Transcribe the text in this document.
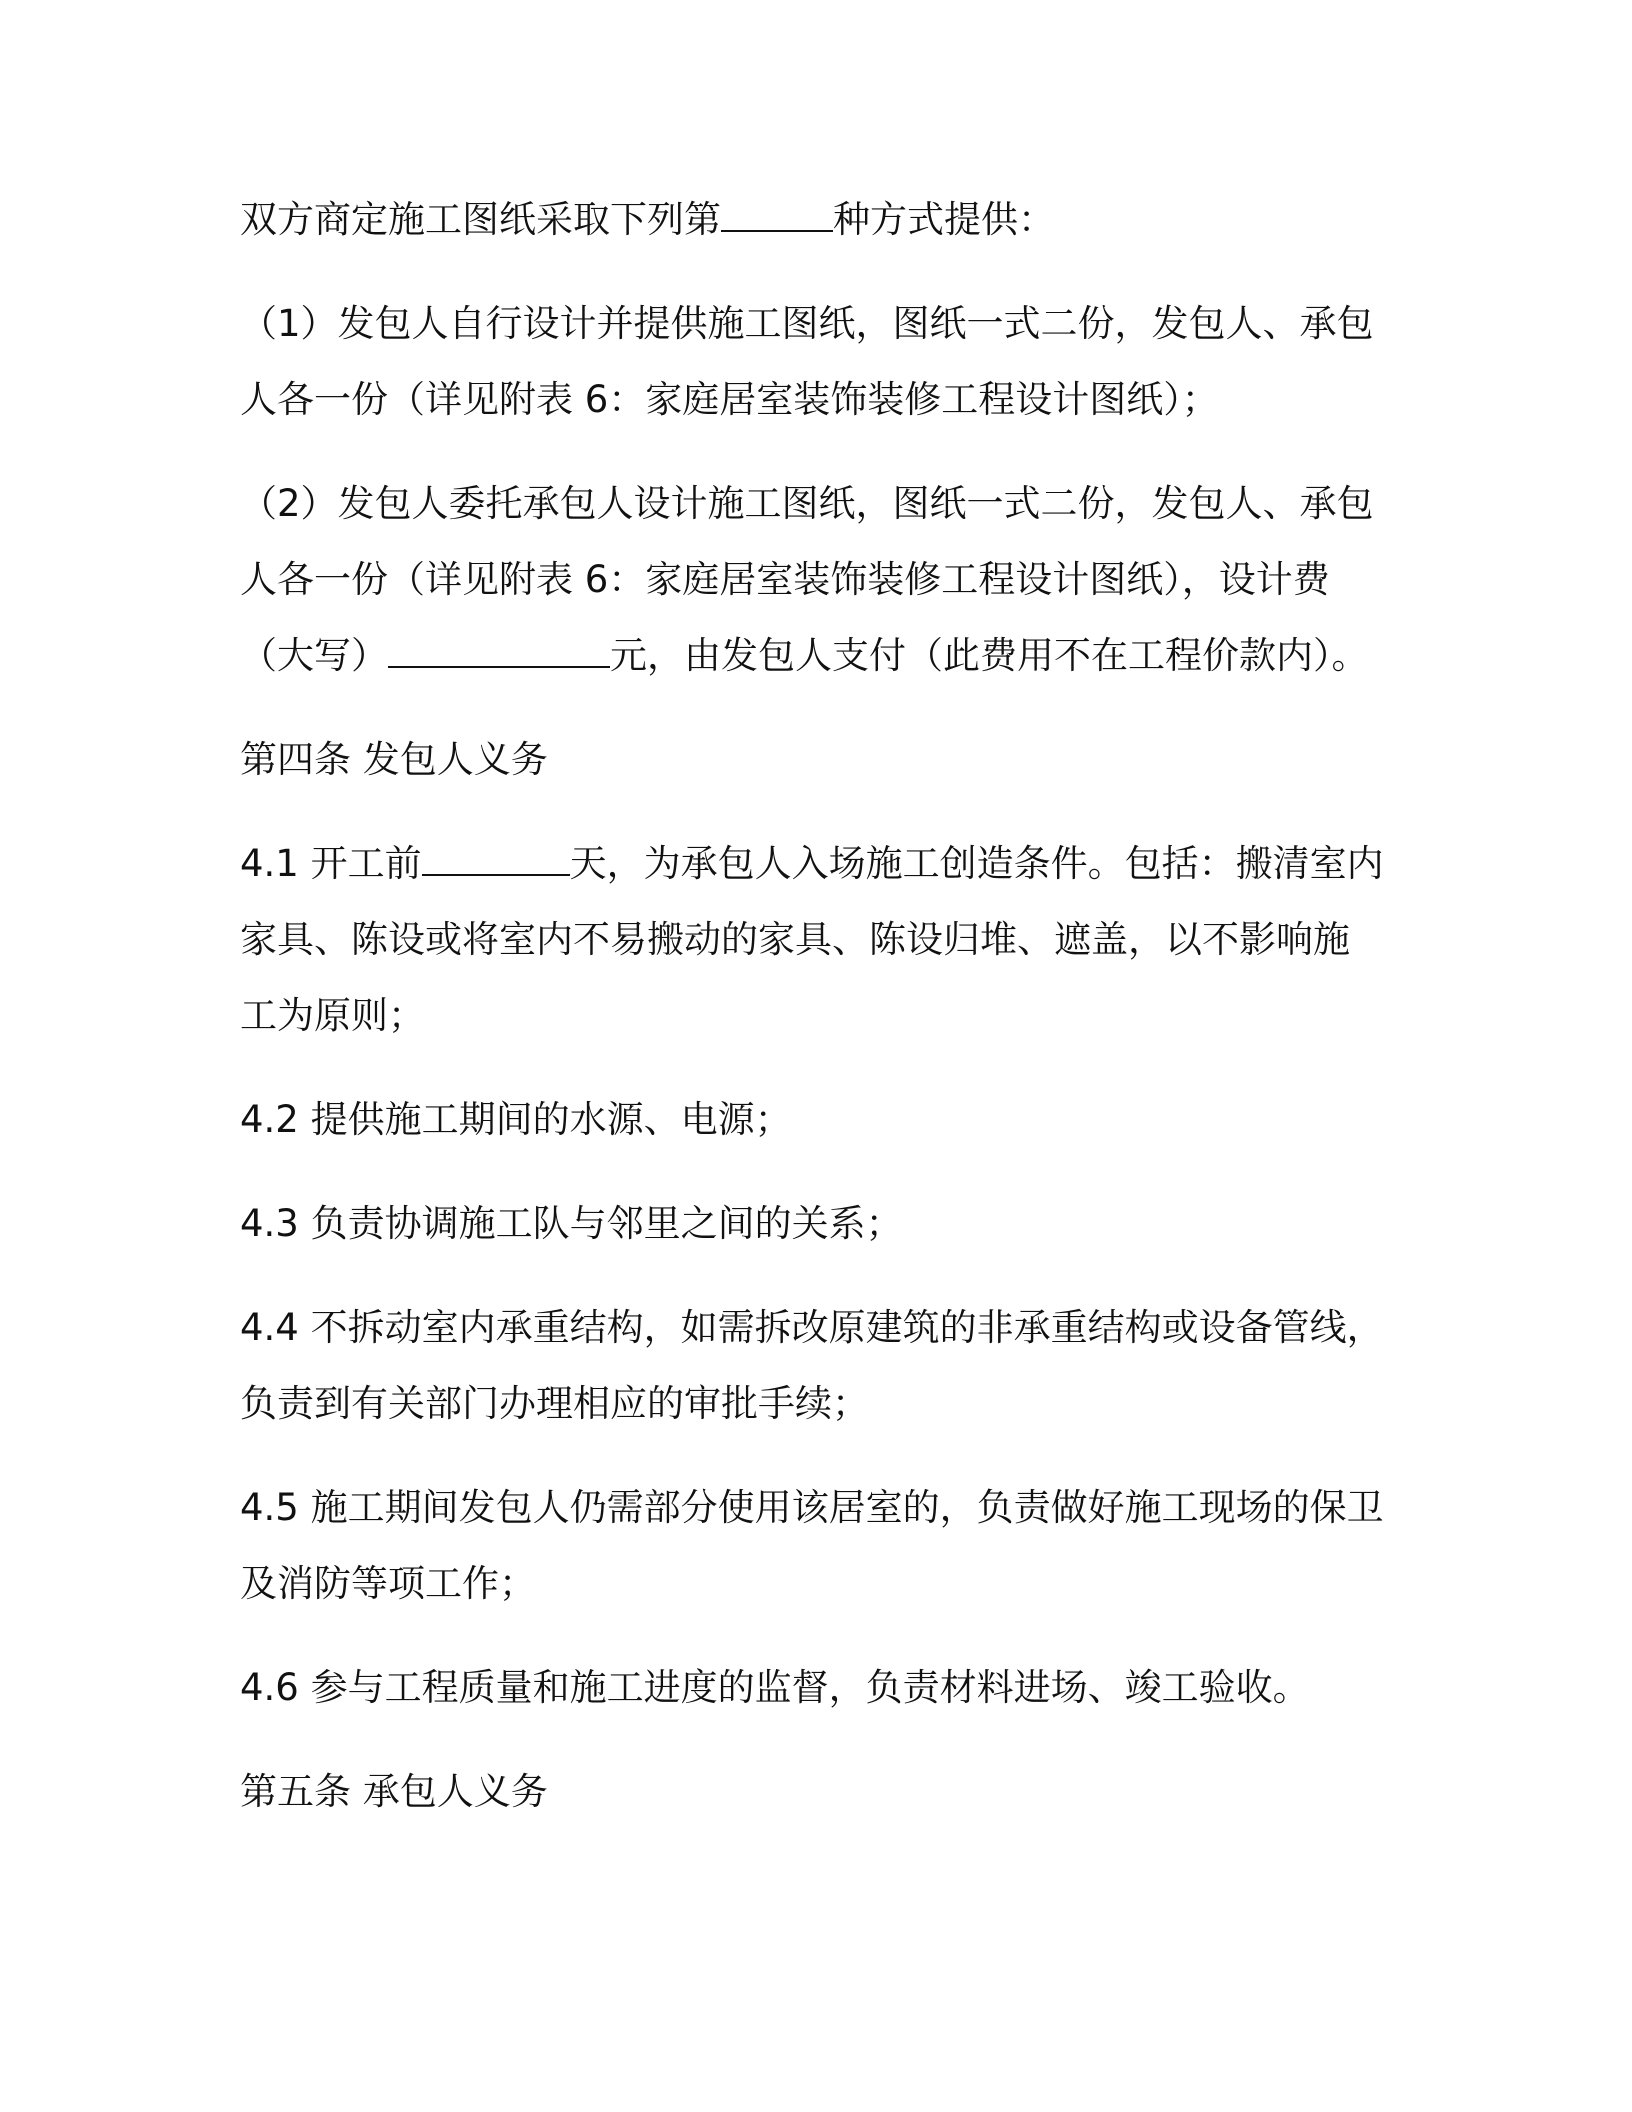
双方商定施工图纸采取下列第	种方式提供：
（1）发包人自行设计并提供施工图纸，图纸一式二份，发包人、承包
人各一份（详见附表 6：家庭居室装饰装修工程设计图纸）；
（2）发包人委托承包人设计施工图纸，图纸一式二份，发包人、承包
人各一份（详见附表 6：家庭居室装饰装修工程设计图纸），设计费
（大写）	元，由发包人支付（此费用不在工程价款内）。
第四条 发包人义务
4.1 开工前	天，为承包人入场施工创造条件。包括：搬清室内
家具、陈设或将室内不易搬动的家具、陈设归堆、遮盖，以不影响施
工为原则；
4.2 提供施工期间的水源、电源；
4.3 负责协调施工队与邻里之间的关系；
4.4 不拆动室内承重结构，如需拆改原建筑的非承重结构或设备管线，
负责到有关部门办理相应的审批手续；
4.5 施工期间发包人仍需部分使用该居室的，负责做好施工现场的保卫
及消防等项工作；
4.6 参与工程质量和施工进度的监督，负责材料进场、竣工验收。
第五条 承包人义务
